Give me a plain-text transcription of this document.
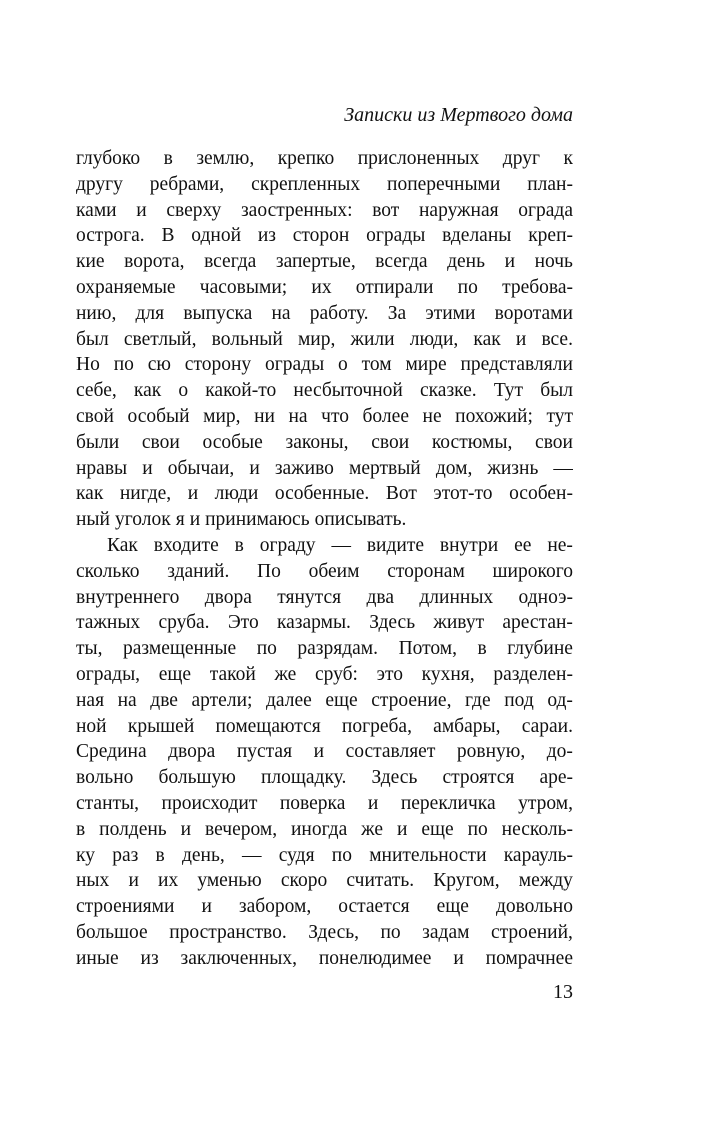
Записки из Мертвого дома
глубоко в землю, крепко прислоненных друг к
другу ребрами, скрепленных поперечными план-
ками и сверху заостренных: вот наружная ограда
острога. В одной из сторон ограды вделаны креп-
кие ворота, всегда запертые, всегда день и ночь
охраняемые часовыми; их отпирали по требова-
нию, для выпуска на работу. За этими воротами
был светлый, вольный мир, жили люди, как и все.
Но по сю сторону ограды о том мире представляли
себе, как о какой-то несбыточной сказке. Тут был
свой особый мир, ни на что более не похожий; тут
были свои особые законы, свои костюмы, свои
нравы и обычаи, и заживо мертвый дом, жизнь —
как нигде, и люди особенные. Вот этот-то особен-
ный уголок я и принимаюсь описывать.
Как входите в ограду — видите внутри ее не-
сколько зданий. По обеим сторонам широкого
внутреннего двора тянутся два длинных одноэ-
тажных сруба. Это казармы. Здесь живут арестан-
ты, размещенные по разрядам. Потом, в глубине
ограды, еще такой же сруб: это кухня, разделен-
ная на две артели; далее еще строение, где под од-
ной крышей помещаются погреба, амбары, сараи.
Средина двора пустая и составляет ровную, до-
вольно большую площадку. Здесь строятся аре-
станты, происходит поверка и перекличка утром,
в полдень и вечером, иногда же и еще по несколь-
ку раз в день, — судя по мнительности карауль-
ных и их уменью скоро считать. Кругом, между
строениями и забором, остается еще довольно
большое пространство. Здесь, по задам строений,
иные из заключенных, понелюдимее и помрачнее
13
